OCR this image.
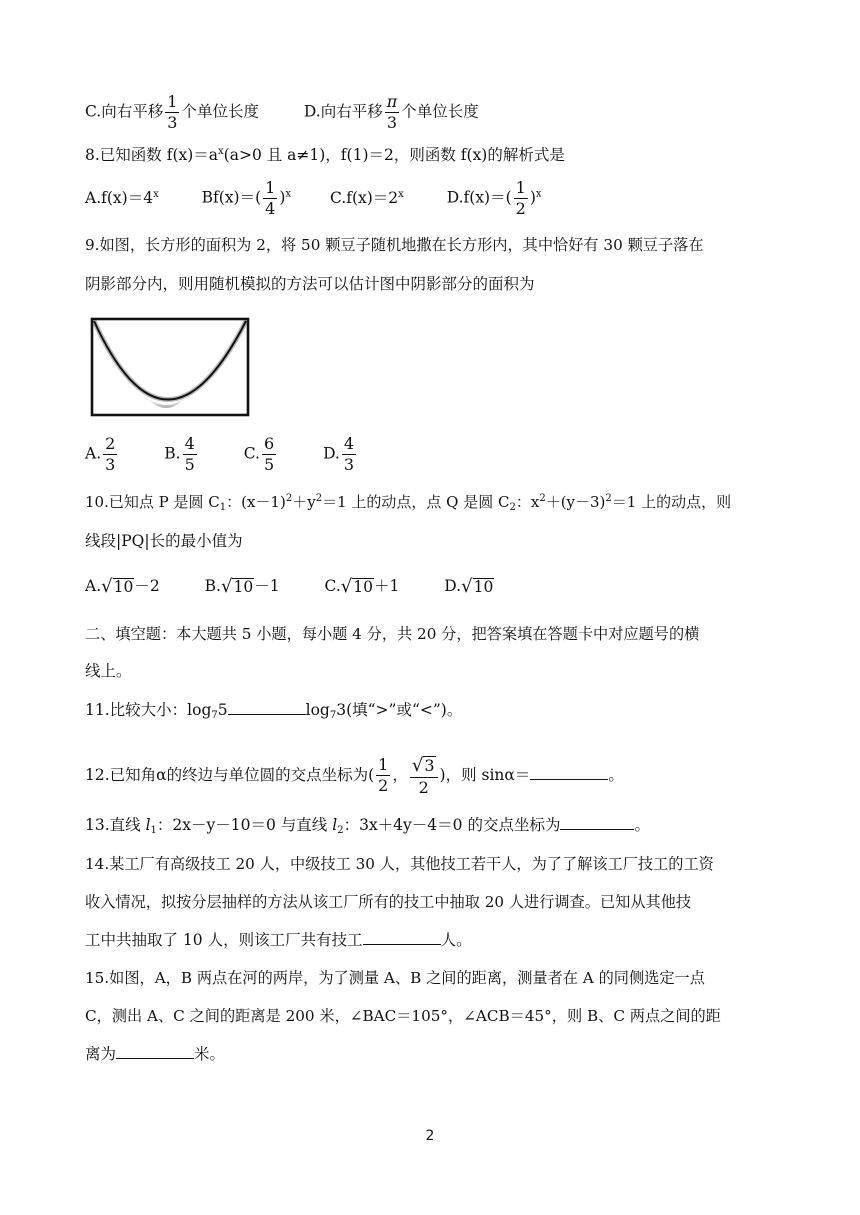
C.向右平移 $\frac{1}{3}$ 个单位长度	D.向右平移 $\frac{\pi}{3}$ 个单位长度
8.已知函数 $f(x)=a^x(a>0$ 且 a≠1)，f(1)＝2，则函数 f(x)的解析式是
$A.f(x)=4^x$	$Bf(x)=( \frac{1}{4} )^x$	$C.f(x)=2^x$	$D.f(x)=( \frac{1}{2} )^x$
9.如图，长方形的面积为 2，将 50 颗豆子随机地撒在长方形内，其中恰好有 30 颗豆子落在
阴影部分内，则用随机模拟的方法可以估计图中阴影部分的面积为
A. $\frac{2}{3}$	B. $\frac{4}{5}$	C. $\frac{6}{5}$	D. $\frac{4}{3}$
10.已知点 P 是圆 $C_1$：$(x-1)^2+y^2=1$ 上的动点，点 Q 是圆 $C_2$：$x^2+(y-3)^2=1$ 上的动点，则
线段|PQ|长的最小值为
A. √ 10 －2	B. √ 10 －1	C. √ 10 ＋1	D. √ 10
二、填空题：本大题共 5 小题，每小题 4 分，共 20 分，把答案填在答题卡中对应题号的横
线上。
11.比较大小：$\log_75$	$\log_73$(填“>”或“<”)。
12.已知角α的终边与单位圆的交点坐标为( $\frac{1}{2}$ ， $\frac{√ 3}{2}$ )，则 sinα＝	。
13.直线 $l_1$：2x－y－10＝0 与直线 $l_2$：3x＋4y－4＝0 的交点坐标为	。
14.某工厂有高级技工 20 人，中级技工 30 人，其他技工若干人，为了了解该工厂技工的工资
收入情况，拟按分层抽样的方法从该工厂所有的技工中抽取 20 人进行调查。已知从其他技
工中共抽取了 10 人，则该工厂共有技工	人。
15.如图，A，B 两点在河的两岸，为了测量 A、B 之间的距离，测量者在 A 的同侧选定一点
C，测出 A、C 之间的距离是 200 米，∠BAC＝105°，∠ACB＝45°，则 B、C 两点之间的距
离为	米。
2
